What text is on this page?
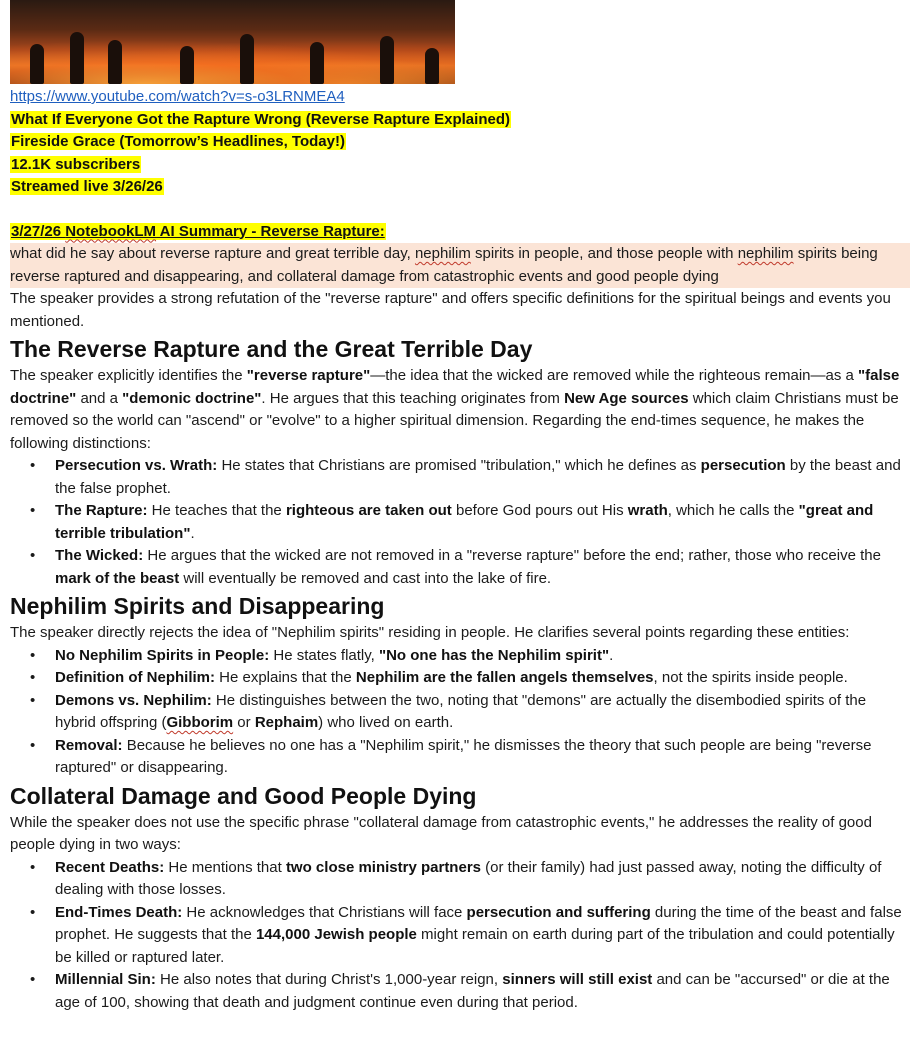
https://www.youtube.com/watch?v=s-o3LRNMEA4
What If Everyone Got the Rapture Wrong (Reverse Rapture Explained)
Fireside Grace (Tomorrow’s Headlines, Today!)
12.1K subscribers
Streamed live 3/26/26
3/27/26 NotebookLM AI Summary - Reverse Rapture:
what did he say about reverse rapture and great terrible day, nephilim spirits in people, and those people with nephilim spirits being reverse raptured and disappearing, and collateral damage from catastrophic events and good people dying

The speaker provides a strong refutation of the "reverse rapture" and offers specific definitions for the spiritual beings and events you mentioned.

The Reverse Rapture and the Great Terrible Day

The speaker explicitly identifies the "reverse rapture"—the idea that the wicked are removed while the righteous remain—as a "false doctrine" and a "demonic doctrine". He argues that this teaching originates from New Age sources which claim Christians must be removed so the world can "ascend" or "evolve" to a higher spiritual dimension. Regarding the end-times sequence, he makes the following distinctions:

• Persecution vs. Wrath: He states that Christians are promised "tribulation," which he defines as persecution by the beast and the false prophet.
• The Rapture: He teaches that the righteous are taken out before God pours out His wrath, which he calls the "great and terrible tribulation".
• The Wicked: He argues that the wicked are not removed in a "reverse rapture" before the end; rather, those who receive the mark of the beast will eventually be removed and cast into the lake of fire.
Nephilim Spirits and Disappearing

The speaker directly rejects the idea of "Nephilim spirits" residing in people. He clarifies several points regarding these entities:

• No Nephilim Spirits in People: He states flatly, "No one has the Nephilim spirit".
• Definition of Nephilim: He explains that the Nephilim are the fallen angels themselves, not the spirits inside people.
• Demons vs. Nephilim: He distinguishes between the two, noting that "demons" are actually the disembodied spirits of the hybrid offspring (Gibborim or Rephaim) who lived on earth.
• Removal: Because he believes no one has a "Nephilim spirit," he dismisses the theory that such people are being "reverse raptured" or disappearing.
Collateral Damage and Good People Dying

While the speaker does not use the specific phrase "collateral damage from catastrophic events," he addresses the reality of good people dying in two ways:

• Recent Deaths: He mentions that two close ministry partners (or their family) had just passed away, noting the difficulty of dealing with those losses.
• End-Times Death: He acknowledges that Christians will face persecution and suffering during the time of the beast and false prophet. He suggests that the 144,000 Jewish people might remain on earth during part of the tribulation and could potentially be killed or raptured later.
• Millennial Sin: He also notes that during Christ's 1,000-year reign, sinners will still exist and can be "accursed" or die at the age of 100, showing that death and judgment continue even during that period.
